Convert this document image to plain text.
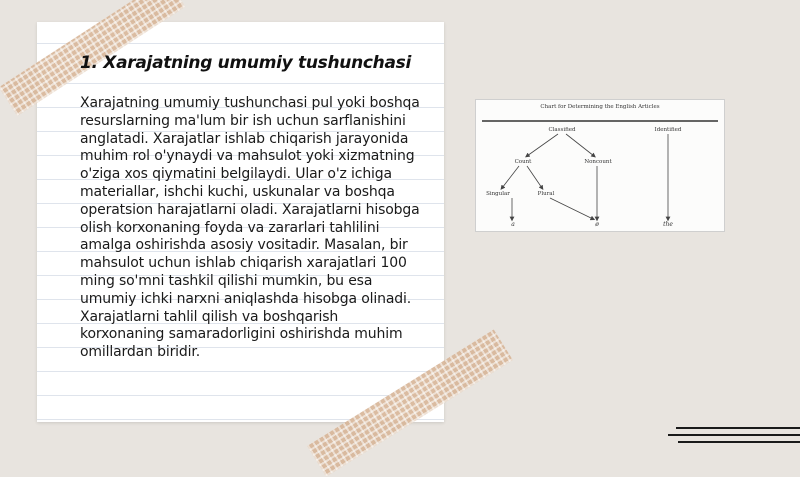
1. Xarajatning umumiy tushunchasi
Xarajatning umumiy tushunchasi pul yoki boshqa resurslarning ma'lum bir ish uchun sarflanishini anglatadi. Xarajatlar ishlab chiqarish jarayonida muhim rol o'ynaydi va mahsulot yoki xizmatning o'ziga xos qiymatini belgilaydi. Ular o'z ichiga materiallar, ishchi kuchi, uskunalar va boshqa operatsion harajatlarni oladi. Xarajatlarni hisobga olish korxonaning foyda va zararlari tahlilini amalga oshirishda asosiy vositadir. Masalan, bir mahsulot uchun ishlab chiqarish xarajatlari 100 ming so'mni tashkil qilishi mumkin, bu esa umumiy ichki narxni aniqlashda hisobga olinadi. Xarajatlarni tahlil qilish va boshqarish korxonaning samaradorligini oshirishda muhim omillardan biridir.
Chart for Determining the English Articles
Classified	Identified
Count	Noncount
Singular	Plural
a	ø	the
